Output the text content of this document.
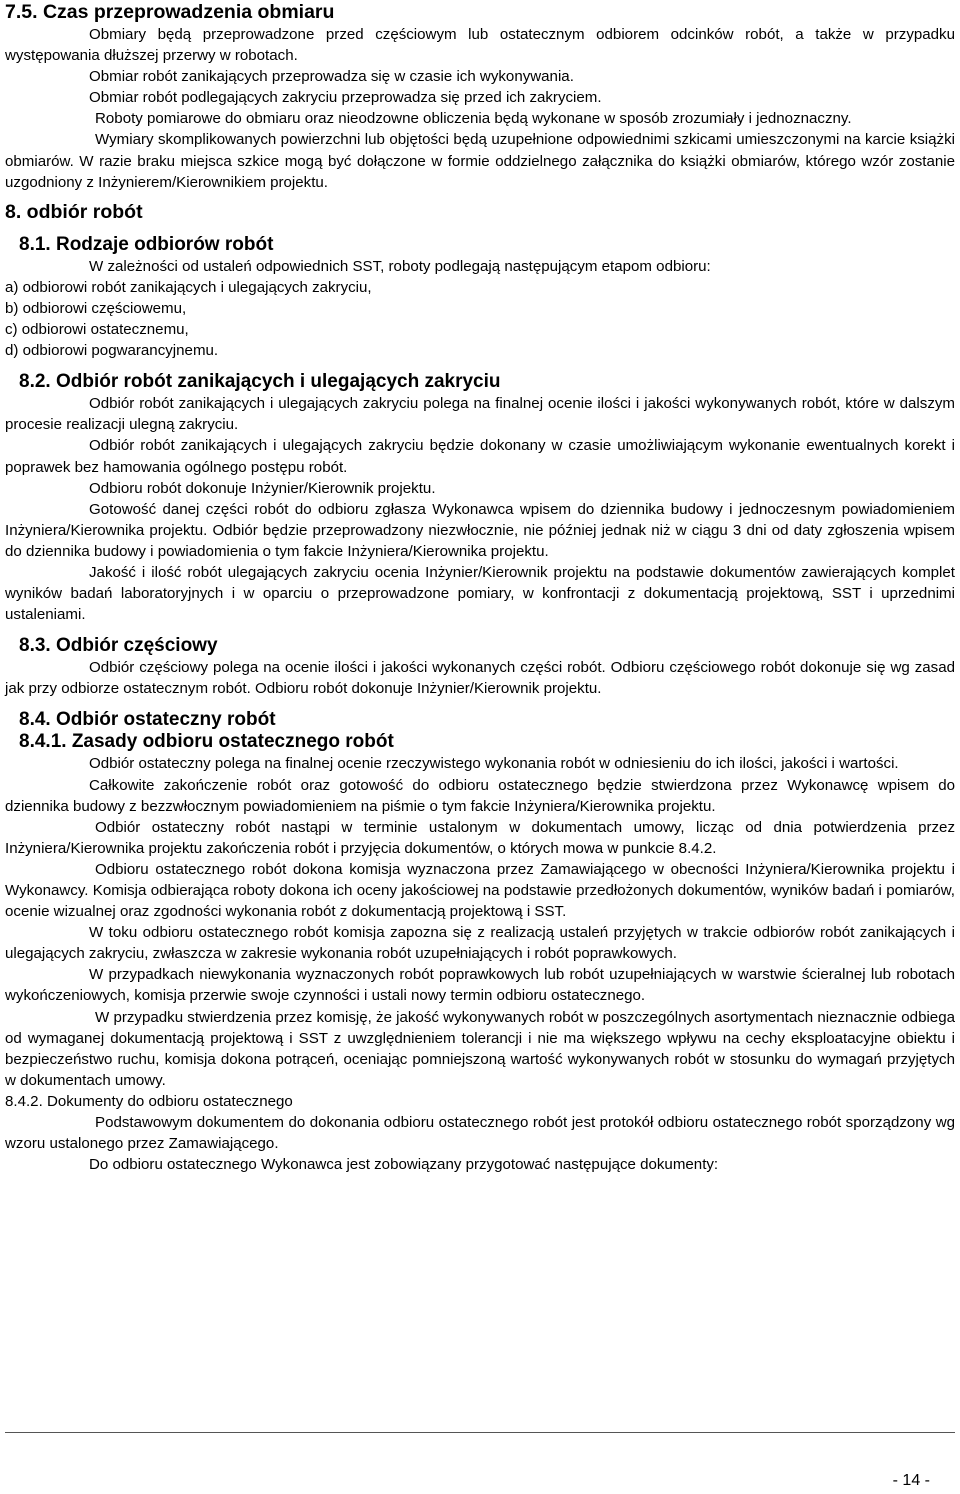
7.5. Czas przeprowadzenia obmiaru

Obmiary będą przeprowadzone przed częściowym lub ostatecznym odbiorem odcinków robót, a także w przypadku występowania dłuższej przerwy w robotach.

Obmiar robót zanikających przeprowadza się w czasie ich wykonywania.

Obmiar robót podlegających zakryciu przeprowadza się przed ich zakryciem.

Roboty pomiarowe do obmiaru oraz nieodzowne obliczenia będą wykonane w sposób zrozumiały i jednoznaczny.

Wymiary skomplikowanych powierzchni lub objętości będą uzupełnione odpowiednimi szkicami umieszczonymi na karcie książki obmiarów. W razie braku miejsca szkice mogą być dołączone w formie oddzielnego załącznika do książki obmiarów, którego wzór zostanie uzgodniony z Inżynierem/Kierownikiem projektu.

8. odbiór robót

8.1. Rodzaje odbiorów robót

W zależności od ustaleń odpowiednich SST, roboty podlegają następującym etapom odbioru:

a) odbiorowi robót zanikających i ulegających zakryciu,

b) odbiorowi częściowemu,

c) odbiorowi ostatecznemu,

d) odbiorowi pogwarancyjnemu.

8.2. Odbiór robót zanikających i ulegających zakryciu

Odbiór robót zanikających i ulegających zakryciu polega na finalnej ocenie ilości i jakości wykonywanych robót, które w dalszym procesie realizacji ulegną zakryciu.

Odbiór robót zanikających i ulegających zakryciu będzie dokonany w czasie umożliwiającym wykonanie ewentualnych korekt i poprawek bez hamowania ogólnego postępu robót.

Odbioru robót dokonuje Inżynier/Kierownik projektu.

Gotowość danej części robót do odbioru zgłasza Wykonawca wpisem do dziennika budowy i jednoczesnym powiadomieniem Inżyniera/Kierownika projektu. Odbiór będzie przeprowadzony niezwłocznie, nie później jednak niż w ciągu 3 dni od daty zgłoszenia wpisem do dziennika budowy i powiadomienia o tym fakcie Inżyniera/Kierownika projektu.

Jakość i ilość robót ulegających zakryciu ocenia Inżynier/Kierownik projektu na podstawie dokumentów zawierających komplet wyników badań laboratoryjnych i w oparciu o przeprowadzone pomiary, w konfrontacji z dokumentacją projektową, SST i uprzednimi ustaleniami.

8.3. Odbiór częściowy

Odbiór częściowy polega na ocenie ilości i jakości wykonanych części robót. Odbioru częściowego robót dokonuje się wg zasad jak przy odbiorze ostatecznym robót. Odbioru robót dokonuje Inżynier/Kierownik projektu.

8.4. Odbiór ostateczny robót

8.4.1. Zasady odbioru ostatecznego robót

Odbiór ostateczny polega na finalnej ocenie rzeczywistego wykonania robót w odniesieniu do ich ilości, jakości i wartości.

Całkowite zakończenie robót oraz gotowość do odbioru ostatecznego będzie stwierdzona przez Wykonawcę wpisem do dziennika budowy z bezzwłocznym powiadomieniem na piśmie o tym fakcie Inżyniera/Kierownika projektu.

Odbiór ostateczny robót nastąpi w terminie ustalonym w dokumentach umowy, licząc od dnia potwierdzenia przez Inżyniera/Kierownika projektu zakończenia robót i przyjęcia dokumentów, o których mowa w punkcie 8.4.2.

Odbioru ostatecznego robót dokona komisja wyznaczona przez Zamawiającego w obecności Inżyniera/Kierownika projektu i Wykonawcy. Komisja odbierająca roboty dokona ich oceny jakościowej na podstawie przedłożonych dokumentów, wyników badań i pomiarów, ocenie wizualnej oraz zgodności wykonania robót z dokumentacją projektową i SST.

W toku odbioru ostatecznego robót komisja zapozna się z realizacją ustaleń przyjętych w trakcie odbiorów robót zanikających i ulegających zakryciu, zwłaszcza w zakresie wykonania robót uzupełniających i robót poprawkowych.

W przypadkach niewykonania wyznaczonych robót poprawkowych lub robót uzupełniających w warstwie ścieralnej lub robotach wykończeniowych, komisja przerwie swoje czynności i ustali nowy termin odbioru ostatecznego.

W przypadku stwierdzenia przez komisję, że jakość wykonywanych robót w poszczególnych asortymentach nieznacznie odbiega od wymaganej dokumentacją projektową i SST z uwzględnieniem tolerancji i nie ma większego wpływu na cechy eksploatacyjne obiektu i bezpieczeństwo ruchu, komisja dokona potrąceń, oceniając pomniejszoną wartość wykonywanych robót w stosunku do wymagań przyjętych w dokumentach umowy.

8.4.2. Dokumenty do odbioru ostatecznego

Podstawowym dokumentem do dokonania odbioru ostatecznego robót jest protokół odbioru ostatecznego robót sporządzony wg wzoru ustalonego przez Zamawiającego.

Do odbioru ostatecznego Wykonawca jest zobowiązany przygotować następujące dokumenty:

- 14 -
